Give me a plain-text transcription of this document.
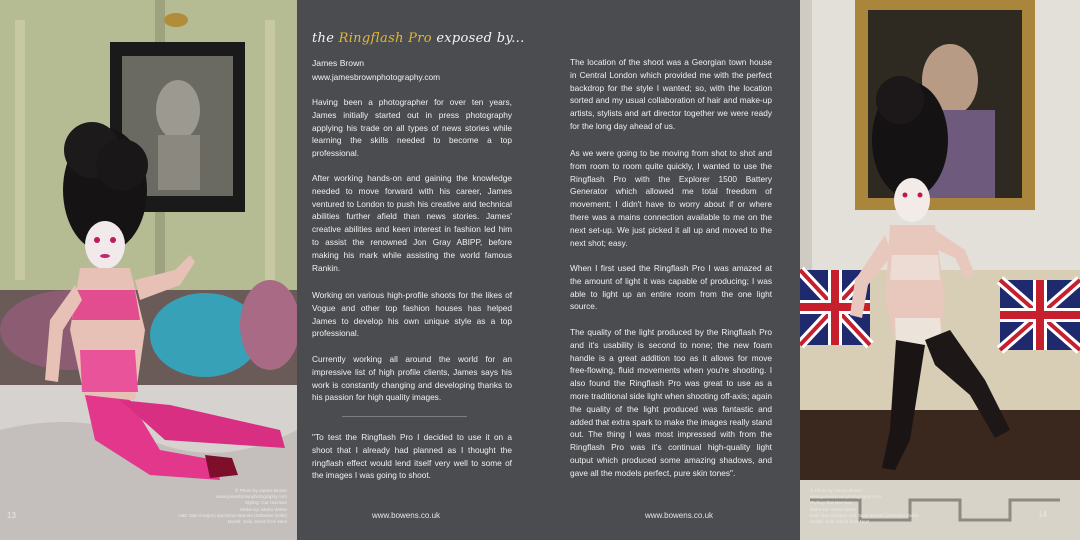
© Photo by James Brown
www.jamesbrownphotography.com
Styling: Cat Harrison
Make-Up: Maria Wiese
Hair: Dan Gregory and Dean Barnes (Zebedee Dalle)
Model: Julia Johns from Next
the Ringflash Pro exposed by...
James Brown
www.jamesbrownphotography.com

Having been a photographer for over ten years, James initially started out in press photography applying his trade on all types of news stories while learning the skills needed to become a top professional.

After working hands-on and gaining the knowledge needed to move forward with his career, James ventured to London to push his creative and technical abilities further afield than news stories. James' creative abilities and keen interest in fashion led him to assist the renowned Jon Gray ABIPP, before making his mark while assisting the world famous Rankin.

Working on various high-profile shoots for the likes of Vogue and other top fashion houses has helped James to develop his own unique style as a top professional.

Currently working all around the world for an impressive list of high profile clients, James says his work is constantly changing and developing thanks to his passion for high quality images.

"To test the Ringflash Pro I decided to use it on a shoot that I already had planned as I thought the ringflash effect would lend itself very well to some of the images I was going to shoot.

13	www.bowens.co.uk

The location of the shoot was a Georgian town house in Central London which provided me with the perfect backdrop for the style I wanted; so, with the location sorted and my usual collaboration of hair and make-up artists, stylists and art director together we were ready for the long day ahead of us.

As we were going to be moving from shot to shot and from room to room quite quickly, I wanted to use the Ringflash Pro with the Explorer 1500 Battery Generator which allowed me total freedom of movement; I didn't have to worry about if or where there was a mains connection available to me on the next set-up. We just picked it all up and moved to the next shot; easy.

When I first used the Ringflash Pro I was amazed at the amount of light it was capable of producing; I was able to light up an entire room from the one light source.

The quality of the light produced by the Ringflash Pro and it's usability is second to none; the new foam handle is a great addition too as it allows for move free-flowing, fluid movements when you're shooting. I also found the Ringflash Pro was great to use as a more traditional side light when shooting off-axis; again the quality of the light produced was fantastic and added that extra spark to make the images really stand out. The thing I was most impressed with from the Ringflash Pro was it's continual high-quality light output which produced some amazing shadows, and gave all the models perfect, pure skin tones".

www.bowens.co.uk
© Photo by James Brown
www.jamesbrownphotography.com
Styling: Cat Harrison
Make-Up: Maria Wiese
Hair: Dan Gregory and Dean Barnes (Zebedee Dalle)
Model: Julia Johns from Next
14
